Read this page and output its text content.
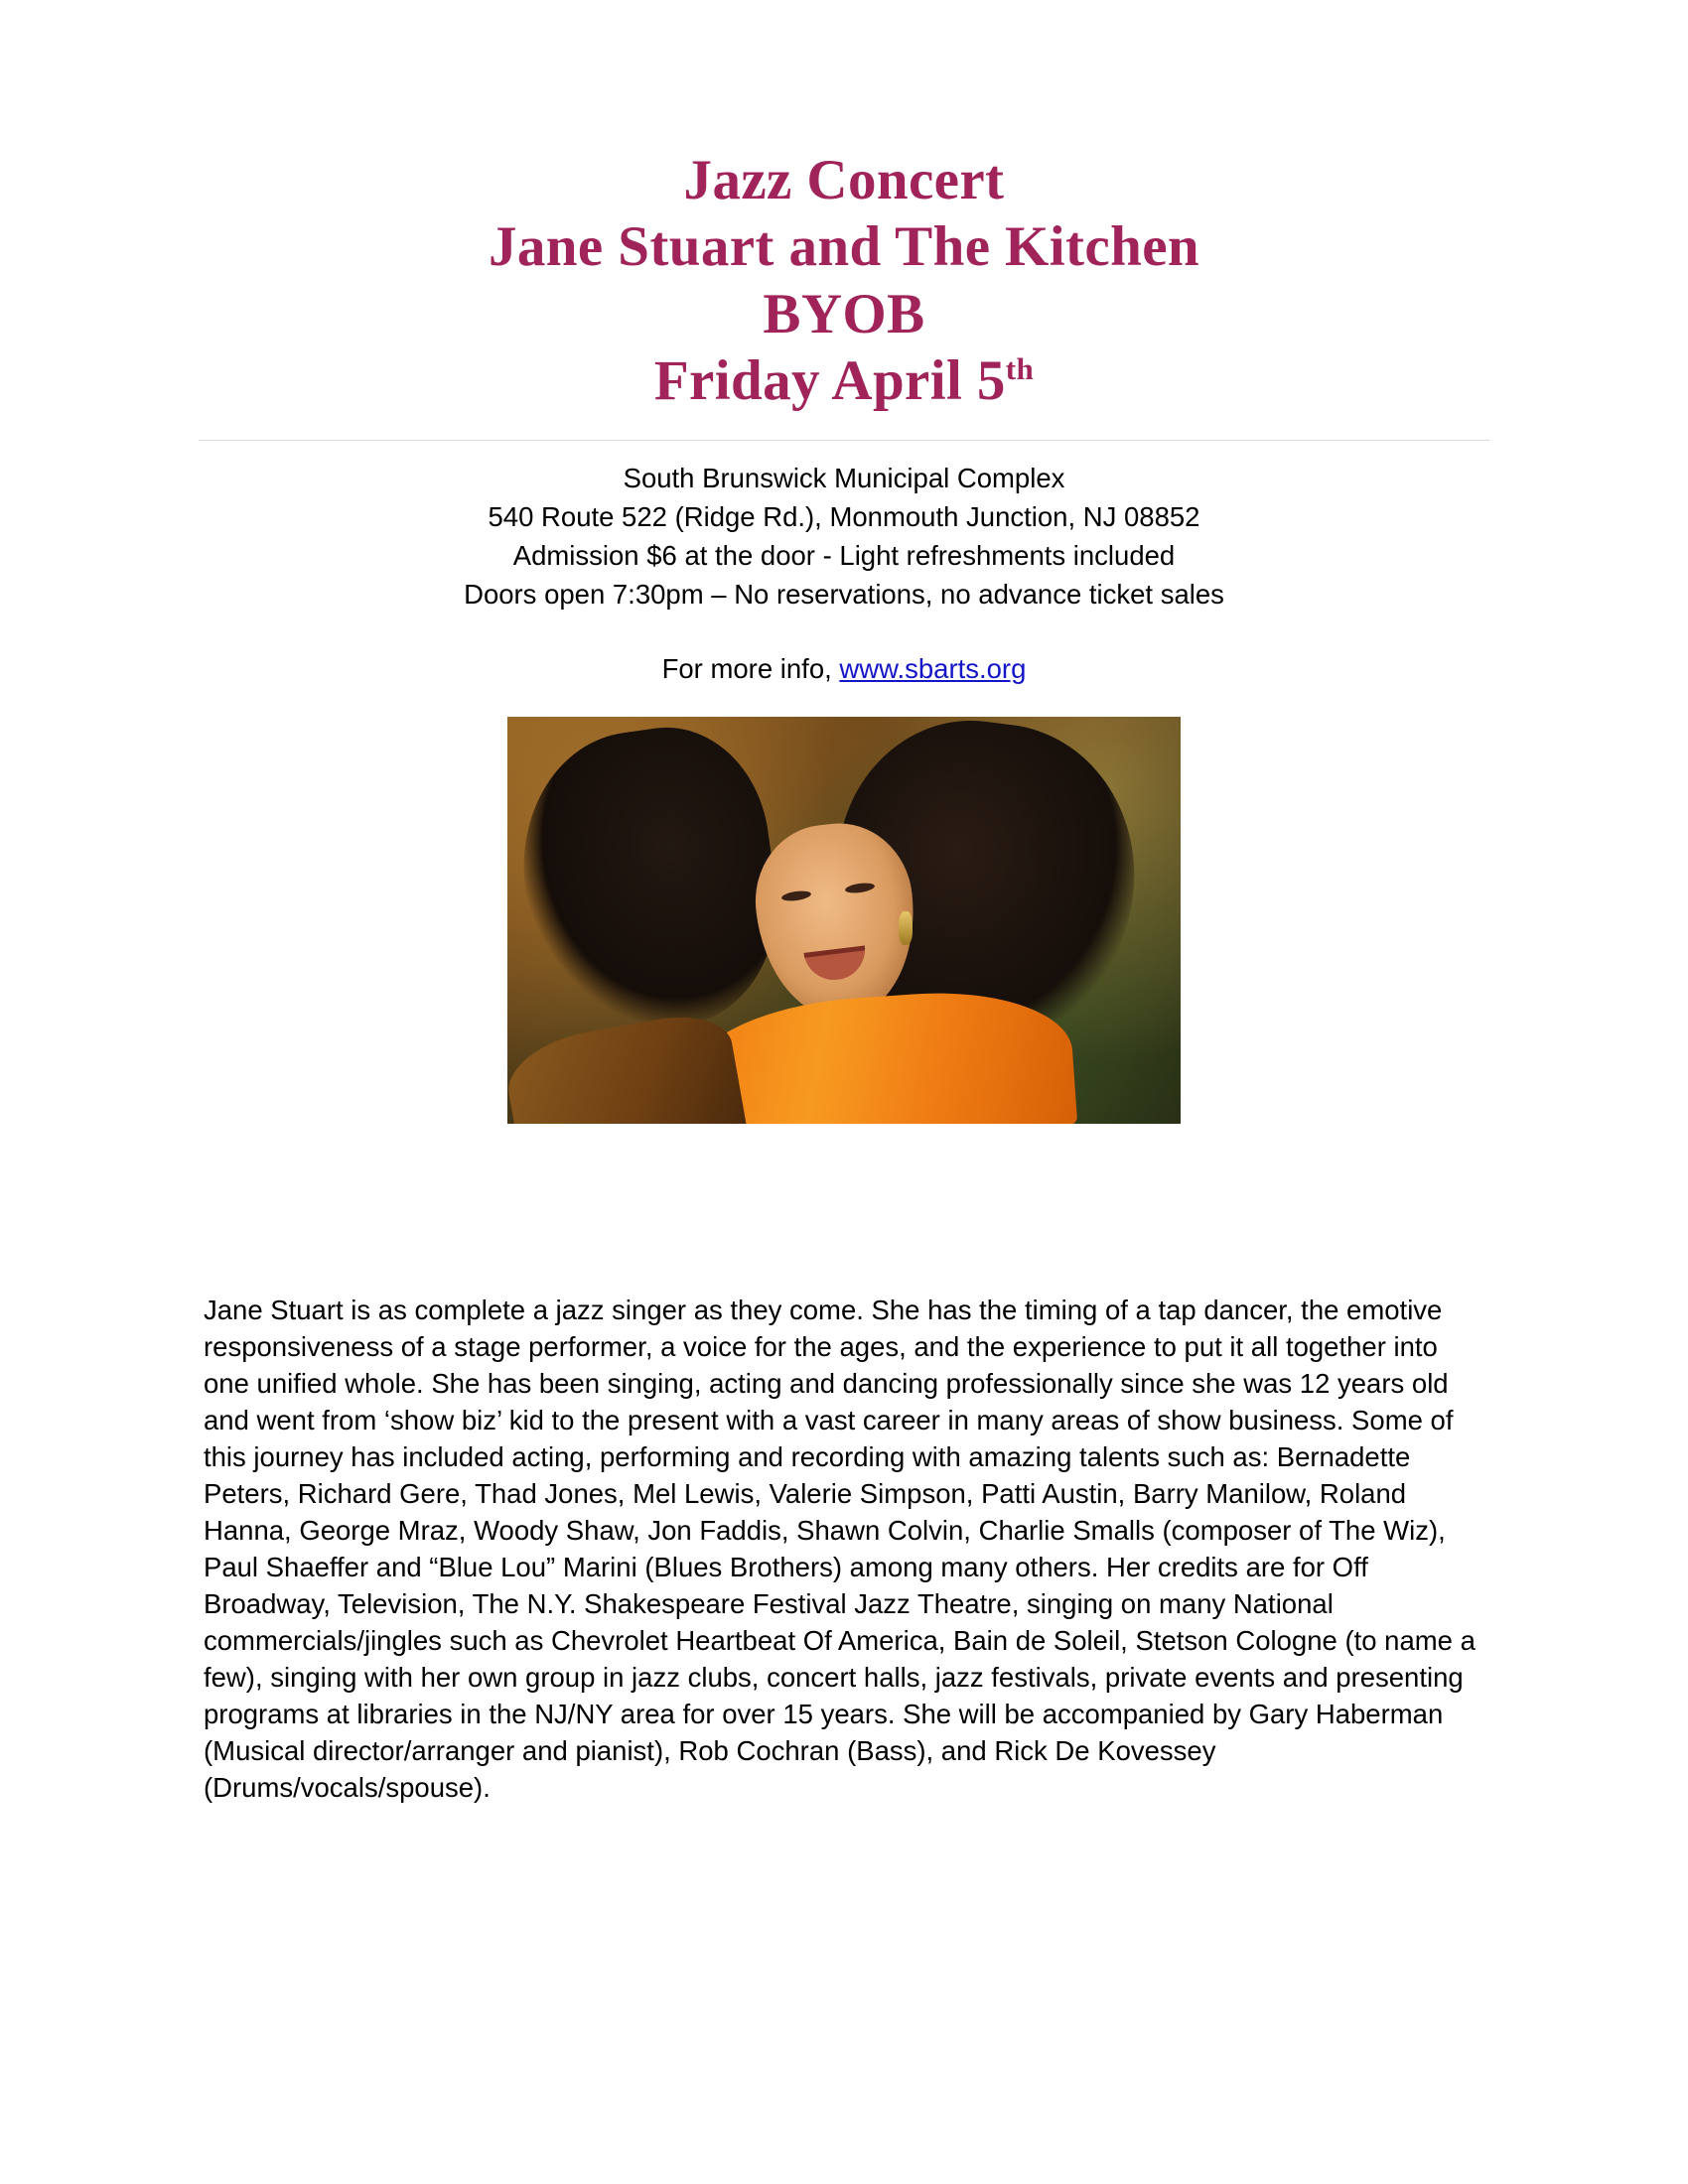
Jazz Concert
Jane Stuart and The Kitchen
BYOB
Friday April 5th
South Brunswick Municipal Complex
540 Route 522 (Ridge Rd.), Monmouth Junction, NJ 08852
Admission $6 at the door - Light refreshments included
Doors open 7:30pm – No reservations, no advance ticket sales
For more info, www.sbarts.org
Jane Stuart is as complete a jazz singer as they come. She has the timing of a tap dancer, the emotive responsiveness of a stage performer, a voice for the ages, and the experience to put it all together into one unified whole. She has been singing, acting and dancing professionally since she was 12 years old and went from ‘show biz’ kid to the present with a vast career in many areas of show business. Some of this journey has included acting, performing and recording with amazing talents such as: Bernadette Peters, Richard Gere, Thad Jones, Mel Lewis, Valerie Simpson, Patti Austin, Barry Manilow, Roland Hanna, George Mraz, Woody Shaw, Jon Faddis, Shawn Colvin, Charlie Smalls (composer of The Wiz), Paul Shaeffer and “Blue Lou” Marini (Blues Brothers) among many others. Her credits are for Off Broadway, Television, The N.Y. Shakespeare Festival Jazz Theatre, singing on many National commercials/jingles such as Chevrolet Heartbeat Of America, Bain de Soleil, Stetson Cologne (to name a few), singing with her own group in jazz clubs, concert halls, jazz festivals, private events and presenting programs at libraries in the NJ/NY area for over 15 years. She will be accompanied by Gary Haberman (Musical director/arranger and pianist), Rob Cochran (Bass), and Rick De Kovessey (Drums/vocals/spouse).
